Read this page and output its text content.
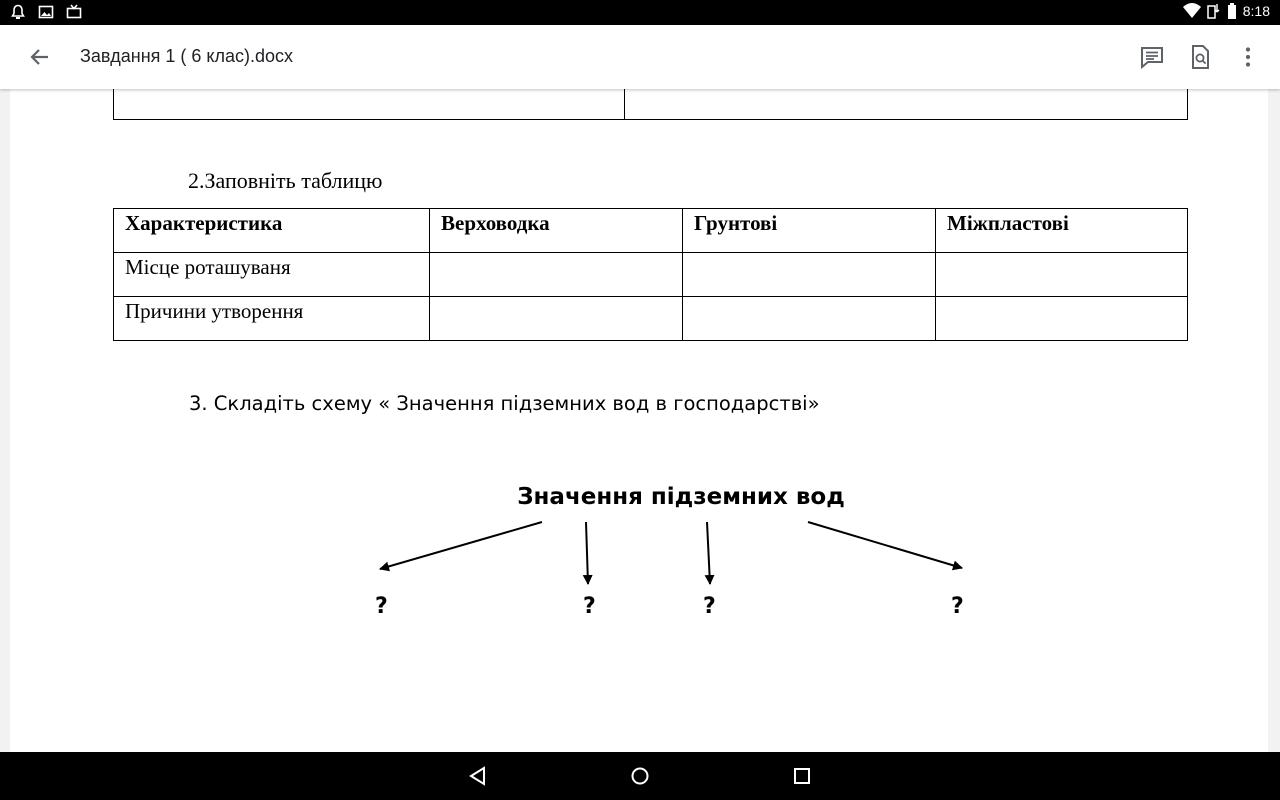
8:18
Завдання 1 ( 6 клас).docx

2.Заповніть таблицю
Характеристика	Верховодка	Грунтові	Міжпластові
Місце роташуваня			
Причини утворення			
3. Складіть схему « Значення підземних вод в господарстві»
Значення підземних вод
?	?	?	?
